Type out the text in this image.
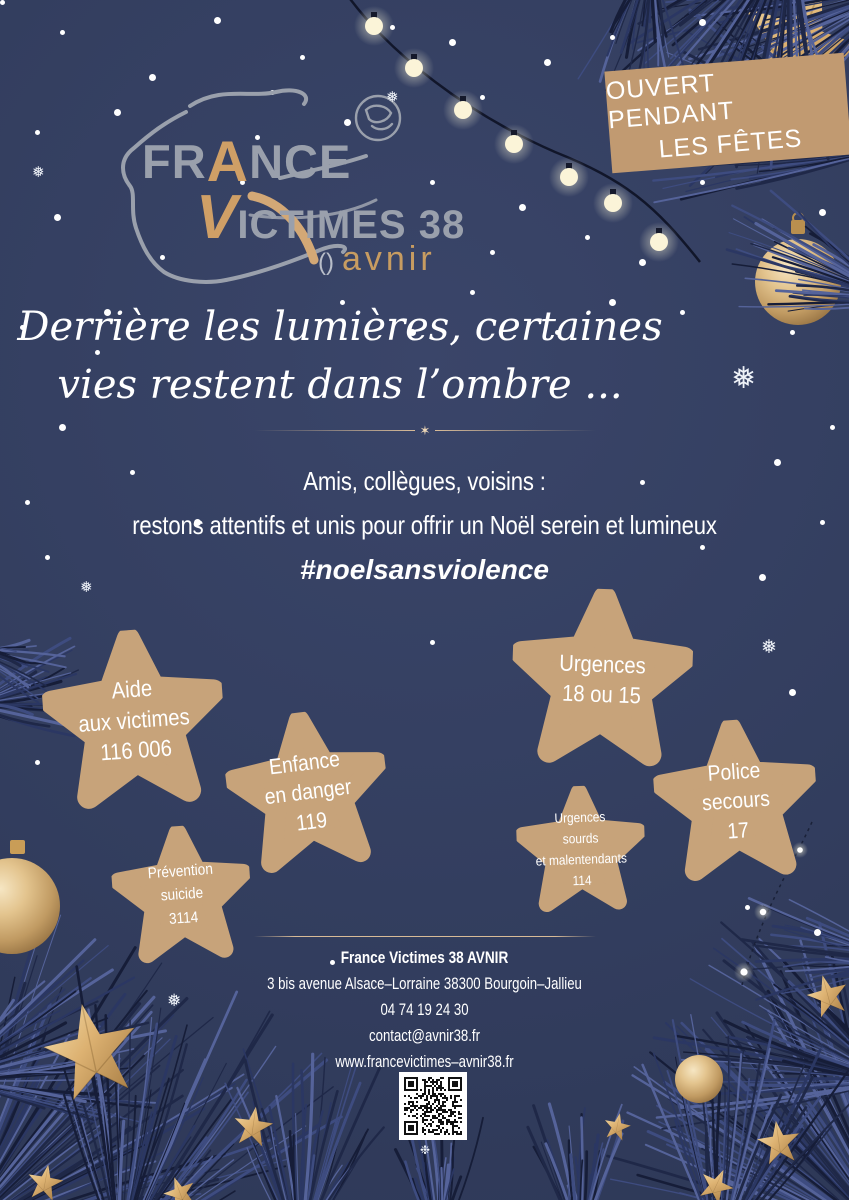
OUVERT PENDANT
LES FÊTES
FRANCE
VICTIMES 38
() avnir
Derrière les lumières, certaines
vies restent dans l’ombre ...
✶
Amis, collègues, voisins :
restons attentifs et unis pour offrir un Noël serein et lumineux
#noelsansviolence
Aide
aux victimes
116 006	Enfance
en danger
119
Urgences
18 ou 15
Police
secours
17
Urgences
sourds
et malentendants
114
Prévention
suicide
3114
France Victimes 38 AVNIR
3 bis avenue Alsace–Lorraine 38300 Bourgoin–Jallieu
04 74 19 24 30
contact@avnir38.fr
www.francevictimes–avnir38.fr
❅
❅
❅
❅
❅
❅
❉
